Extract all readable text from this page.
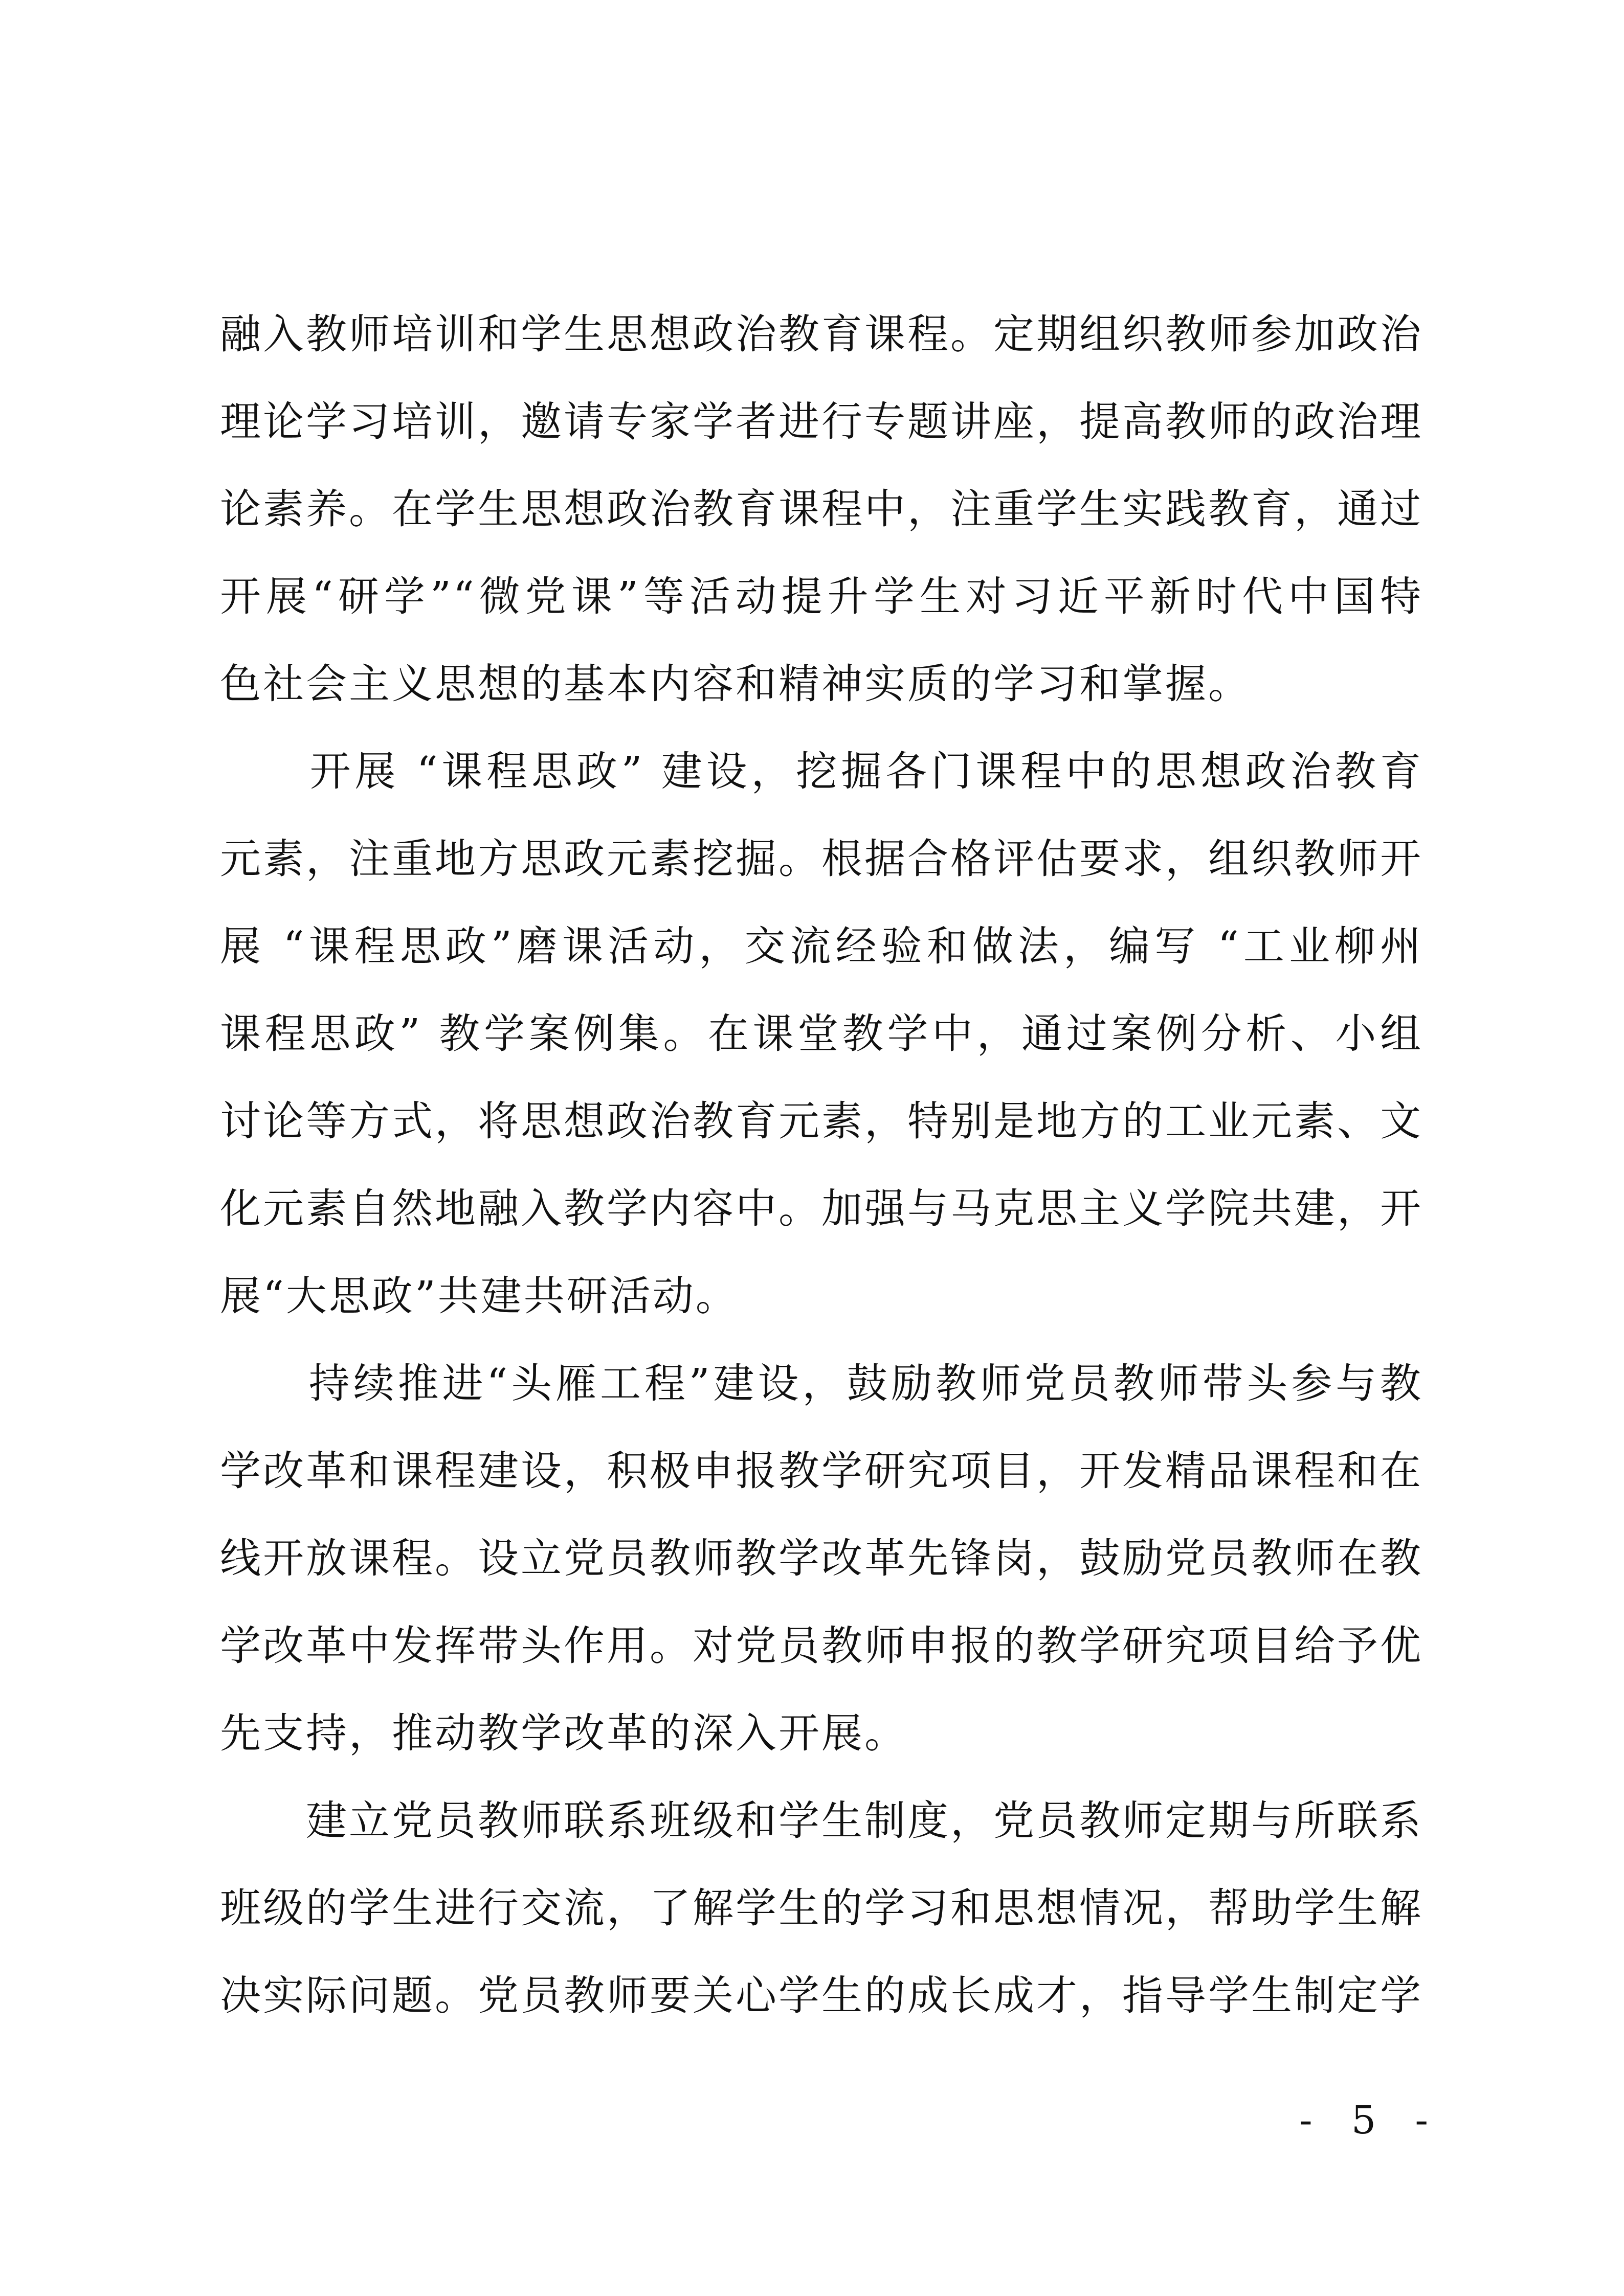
融入教师培训和学生思想政治教育课程。定期组织教师参加政治
理论学习培训，邀请专家学者进行专题讲座，提高教师的政治理
论素养。在学生思想政治教育课程中，注重学生实践教育，通过
开展“研学”“微党课”等活动提升学生对习近平新时代中国特
色社会主义思想的基本内容和精神实质的学习和掌握。
　　开展 “课程思政” 建设，挖掘各门课程中的思想政治教育
元素，注重地方思政元素挖掘。根据合格评估要求，组织教师开
展 “课程思政”磨课活动，交流经验和做法，编写 “工业柳州
课程思政” 教学案例集。在课堂教学中，通过案例分析、小组
讨论等方式，将思想政治教育元素，特别是地方的工业元素、文
化元素自然地融入教学内容中。加强与马克思主义学院共建，开
展“大思政”共建共研活动。
　　持续推进“头雁工程”建设，鼓励教师党员教师带头参与教
学改革和课程建设，积极申报教学研究项目，开发精品课程和在
线开放课程。设立党员教师教学改革先锋岗，鼓励党员教师在教
学改革中发挥带头作用。对党员教师申报的教学研究项目给予优
先支持，推动教学改革的深入开展。
　　建立党员教师联系班级和学生制度，党员教师定期与所联系
班级的学生进行交流，了解学生的学习和思想情况，帮助学生解
决实际问题。党员教师要关心学生的成长成才，指导学生制定学
- 5 -
